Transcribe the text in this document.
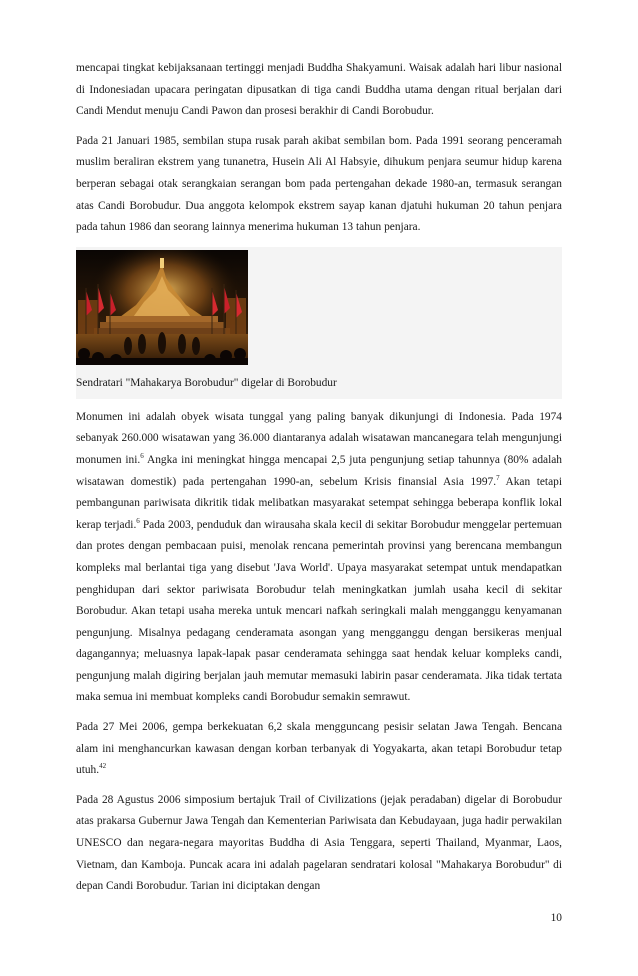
mencapai tingkat kebijaksanaan tertinggi menjadi Buddha Shakyamuni. Waisak adalah hari libur nasional di Indonesiadan upacara peringatan dipusatkan di tiga candi Buddha utama dengan ritual berjalan dari Candi Mendut menuju Candi Pawon dan prosesi berakhir di Candi Borobudur.

Pada 21 Januari 1985, sembilan stupa rusak parah akibat sembilan bom. Pada 1991 seorang penceramah muslim beraliran ekstrem yang tunanetra, Husein Ali Al Habsyie, dihukum penjara seumur hidup karena berperan sebagai otak serangkaian serangan bom pada pertengahan dekade 1980-an, termasuk serangan atas Candi Borobudur. Dua anggota kelompok ekstrem sayap kanan djatuhi hukuman 20 tahun penjara pada tahun 1986 dan seorang lainnya menerima hukuman 13 tahun penjara.

Sendratari "Mahakarya Borobudur" digelar di Borobudur

Monumen ini adalah obyek wisata tunggal yang paling banyak dikunjungi di Indonesia. Pada 1974 sebanyak 260.000 wisatawan yang 36.000 diantaranya adalah wisatawan mancanegara telah mengunjungi monumen ini.$^6$ Angka ini meningkat hingga mencapai 2,5 juta pengunjung setiap tahunnya (80% adalah wisatawan domestik) pada pertengahan 1990-an, sebelum Krisis finansial Asia 1997.$^7$ Akan tetapi pembangunan pariwisata dikritik tidak melibatkan masyarakat setempat sehingga beberapa konflik lokal kerap terjadi.$^6$ Pada 2003, penduduk dan wirausaha skala kecil di sekitar Borobudur menggelar pertemuan dan protes dengan pembacaan puisi, menolak rencana pemerintah provinsi yang berencana membangun kompleks mal berlantai tiga yang disebut 'Java World'. Upaya masyarakat setempat untuk mendapatkan penghidupan dari sektor pariwisata Borobudur telah meningkatkan jumlah usaha kecil di sekitar Borobudur. Akan tetapi usaha mereka untuk mencari nafkah seringkali malah mengganggu kenyamanan pengunjung. Misalnya pedagang cenderamata asongan yang mengganggu dengan bersikeras menjual dagangannya; meluasnya lapak-lapak pasar cenderamata sehingga saat hendak keluar kompleks candi, pengunjung malah digiring berjalan jauh memutar memasuki labirin pasar cenderamata. Jika tidak tertata maka semua ini membuat kompleks candi Borobudur semakin semrawut.

Pada 27 Mei 2006, gempa berkekuatan 6,2 skala mengguncang pesisir selatan Jawa Tengah. Bencana alam ini menghancurkan kawasan dengan korban terbanyak di Yogyakarta, akan tetapi Borobudur tetap utuh.$^{42}$

Pada 28 Agustus 2006 simposium bertajuk Trail of Civilizations (jejak peradaban) digelar di Borobudur atas prakarsa Gubernur Jawa Tengah dan Kementerian Pariwisata dan Kebudayaan, juga hadir perwakilan UNESCO dan negara-negara mayoritas Buddha di Asia Tenggara, seperti Thailand, Myanmar, Laos, Vietnam, dan Kamboja. Puncak acara ini adalah pagelaran sendratari kolosal "Mahakarya Borobudur" di depan Candi Borobudur. Tarian ini diciptakan dengan

10
